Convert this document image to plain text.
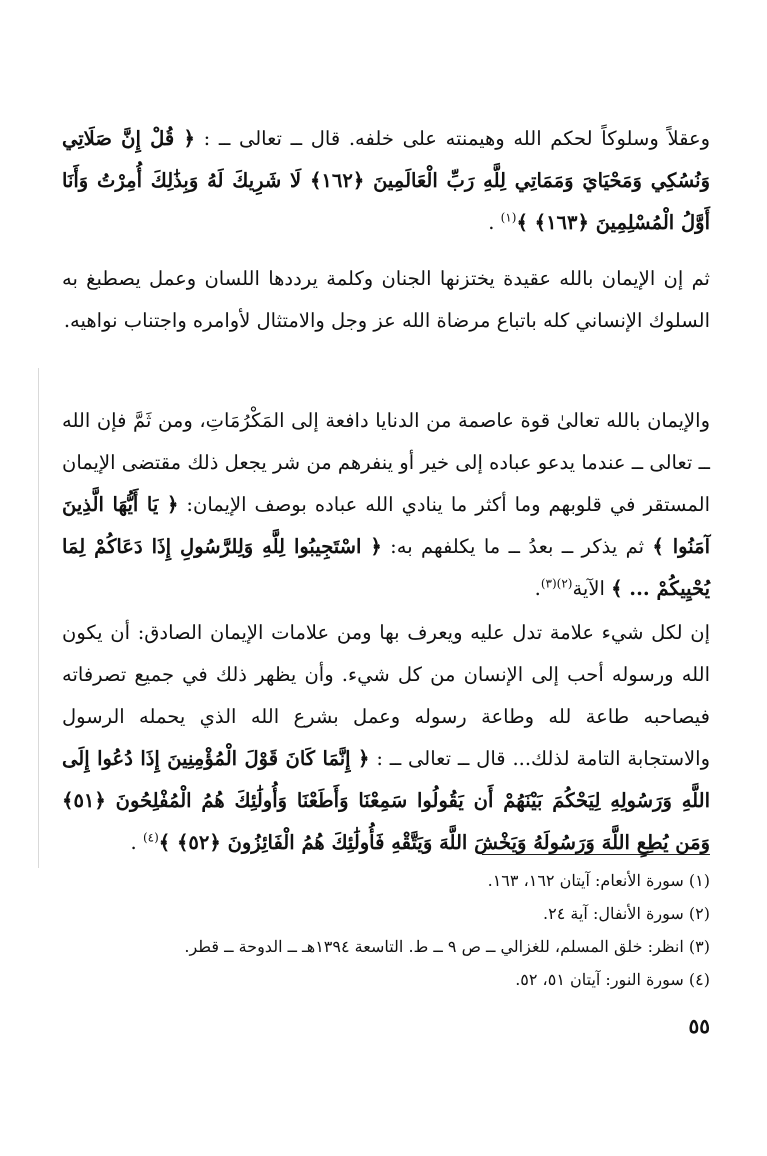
وعقلاً وسلوكاً لحكم الله وهيمنته على خلفه. قال ــ تعالى ــ : ﴿ قُلْ إِنَّ صَلَاتِي وَنُسُكِي وَمَحْيَايَ وَمَمَاتِي لِلَّهِ رَبِّ الْعَالَمِينَ ﴿١٦٢﴾ لَا شَرِيكَ لَهُ وَبِذَٰلِكَ أُمِرْتُ وَأَنَا أَوَّلُ الْمُسْلِمِينَ ﴿١٦٣﴾ ﴾$^{(١)}$ .

ثم إن الإيمان بالله عقيدة يختزنها الجنان وكلمة يرددها اللسان وعمل يصطبغ به السلوك الإنساني كله باتباع مرضاة الله عز وجل والامتثال لأوامره واجتناب نواهيه.

والإيمان بالله تعالىٰ قوة عاصمة من الدنايا دافعة إلى المَكْرُمَاتِ، ومن ثَمَّ فإن الله ــ تعالى ــ عندما يدعو عباده إلى خير أو ينفرهم من شر يجعل ذلك مقتضى الإيمان المستقر في قلوبهم وما أكثر ما ينادي الله عباده بوصف الإيمان: ﴿ يَا أَيُّهَا الَّذِينَ آمَنُوا ﴾ ثم يذكر ــ بعدُ ــ ما يكلفهم به: ﴿ اسْتَجِيبُوا لِلَّهِ وَلِلرَّسُولِ إِذَا دَعَاكُمْ لِمَا يُحْيِيكُمْ ... ﴾ الآية$^{(٢)(٣)}$.

إن لكل شيء علامة تدل عليه ويعرف بها ومن علامات الإيمان الصادق: أن يكون الله ورسوله أحب إلى الإنسان من كل شيء. وأن يظهر ذلك في جميع تصرفاته فيصاحبه طاعة لله وطاعة رسوله وعمل بشرع الله الذي يحمله الرسول والاستجابة التامة لذلك... قال ــ تعالى ــ : ﴿ إِنَّمَا كَانَ قَوْلَ الْمُؤْمِنِينَ إِذَا دُعُوا إِلَى اللَّهِ وَرَسُولِهِ لِيَحْكُمَ بَيْنَهُمْ أَن يَقُولُوا سَمِعْنَا وَأَطَعْنَا وَأُولَٰئِكَ هُمُ الْمُفْلِحُونَ ﴿٥١﴾ وَمَن يُطِعِ اللَّهَ وَرَسُولَهُ وَيَخْشَ اللَّهَ وَيَتَّقْهِ فَأُولَٰئِكَ هُمُ الْفَائِزُونَ ﴿٥٢﴾ ﴾$^{(٤)}$ .

(١) سورة الأنعام: آيتان ١٦٢، ١٦٣.
(٢) سورة الأنفال: آية ٢٤.
(٣) انظر: خلق المسلم، للغزالي ــ ص ٩ ــ ط. التاسعة ١٣٩٤هـ ــ الدوحة ــ قطر.
(٤) سورة النور: آيتان ٥١، ٥٢.
٥٥
